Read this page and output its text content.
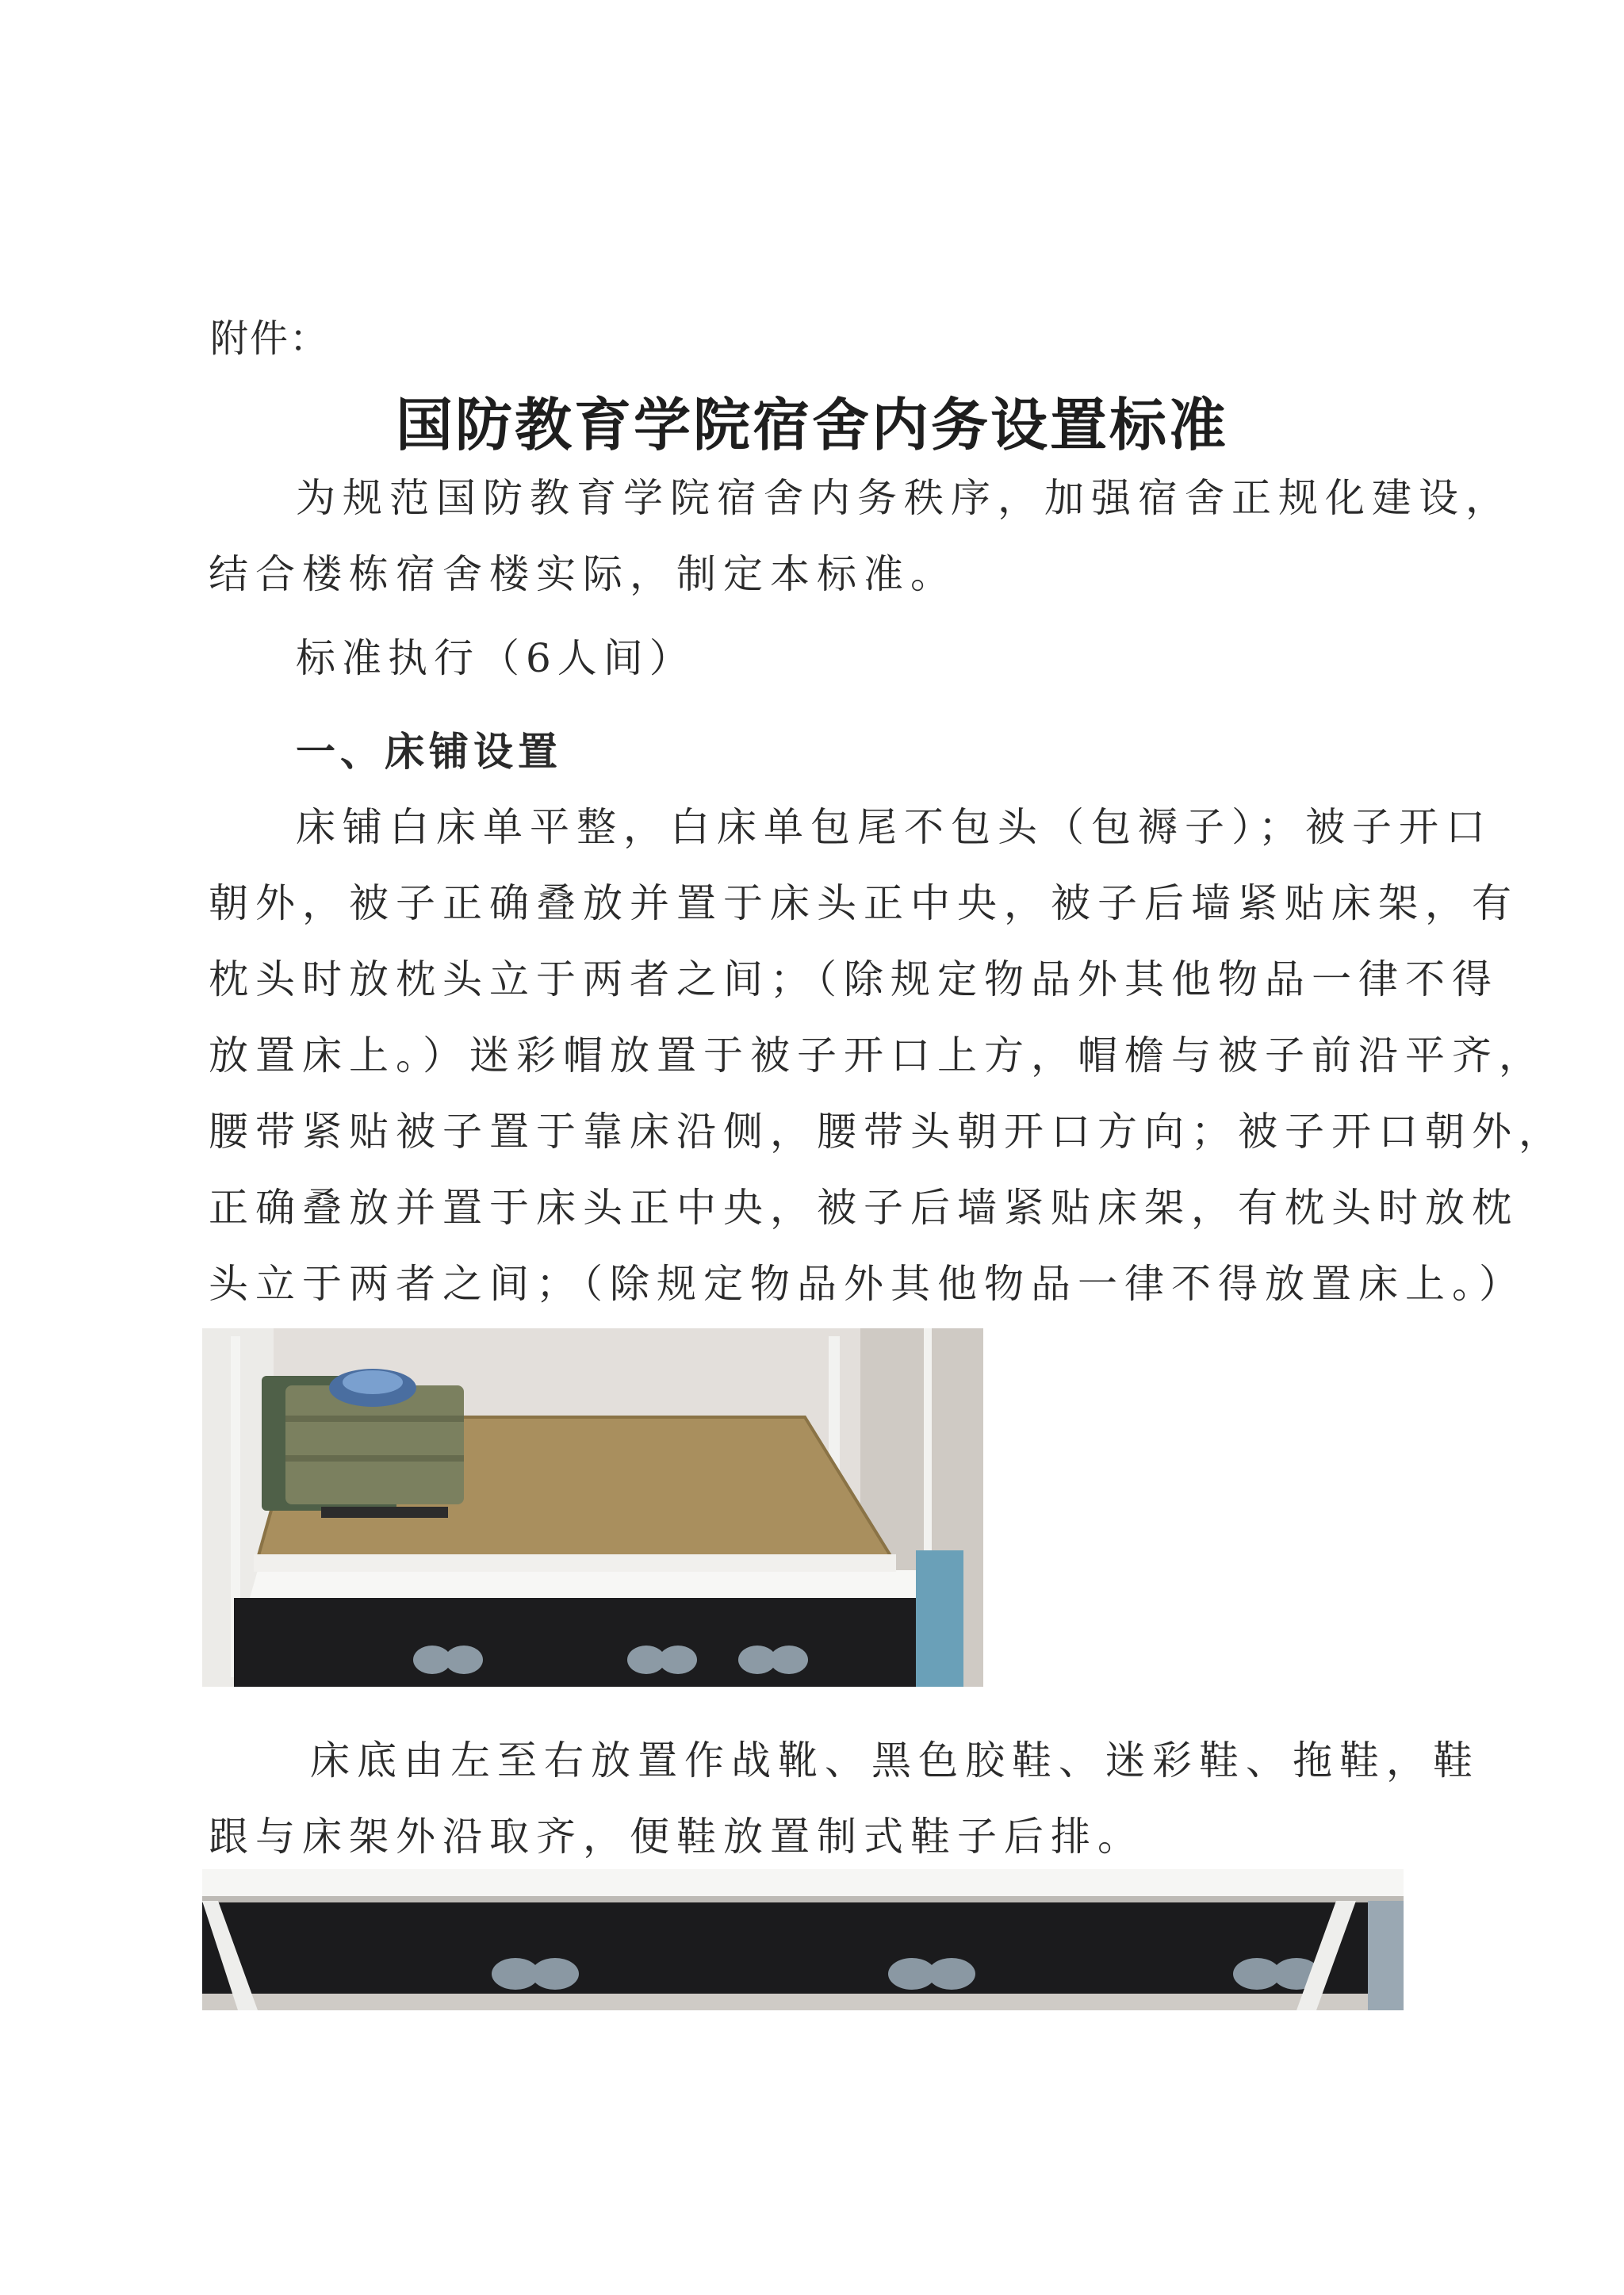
附件：

国防教育学院宿舍内务设置标准
为规范国防教育学院宿舍内务秩序，加强宿舍正规化建设，
结合楼栋宿舍楼实际，制定本标准。

标准执行（6人间）

一、床铺设置
床铺白床单平整，白床单包尾不包头（包褥子）；被子开口
朝外，被子正确叠放并置于床头正中央，被子后墙紧贴床架，有
枕头时放枕头立于两者之间；（除规定物品外其他物品一律不得
放置床上。）迷彩帽放置于被子开口上方，帽檐与被子前沿平齐，
腰带紧贴被子置于靠床沿侧，腰带头朝开口方向；被子开口朝外，
正确叠放并置于床头正中央，被子后墙紧贴床架，有枕头时放枕
头立于两者之间；（除规定物品外其他物品一律不得放置床上。）
床底由左至右放置作战靴、黑色胶鞋、迷彩鞋、拖鞋，鞋
跟与床架外沿取齐，便鞋放置制式鞋子后排。
